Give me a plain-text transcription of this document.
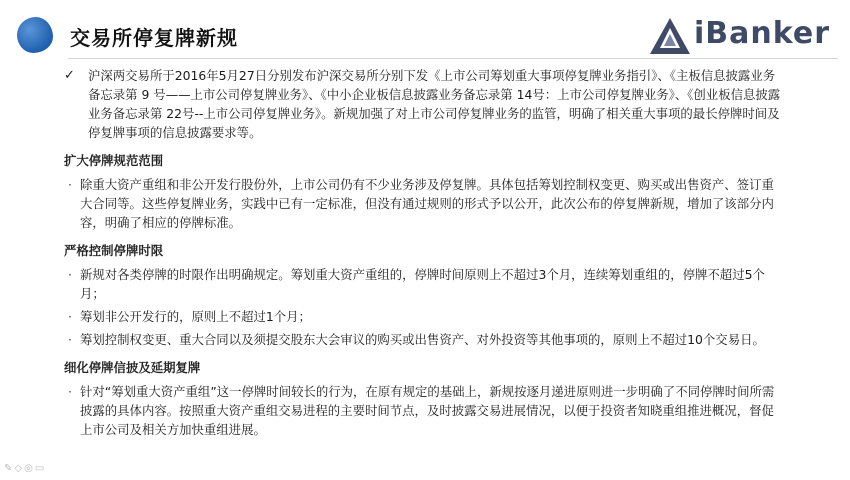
交易所停复牌新规	iBanker
✓ 沪深两交易所于2016年5月27日分别发布沪深交易所分别下发《上市公司筹划重大事项停复牌业务指引》、《主板信息披露业务备忘录第 9 号——上市公司停复牌业务》、《中小企业板信息披露业务备忘录第 14号：上市公司停复牌业务》、《创业板信息披露业务备忘录第 22号--上市公司停复牌业务》。新规加强了对上市公司停复牌业务的监管，明确了相关重大事项的最长停牌时间及停复牌事项的信息披露要求等。
扩大停牌规范范围
· 除重大资产重组和非公开发行股份外，上市公司仍有不少业务涉及停复牌。具体包括筹划控制权变更、购买或出售资产、签订重大合同等。这些停复牌业务，实践中已有一定标准，但没有通过规则的形式予以公开，此次公布的停复牌新规，增加了该部分内容，明确了相应的停牌标准。
严格控制停牌时限
· 新规对各类停牌的时限作出明确规定。筹划重大资产重组的，停牌时间原则上不超过3个月，连续筹划重组的，停牌不超过5个月；
· 筹划非公开发行的，原则上不超过1个月；
· 筹划控制权变更、重大合同以及须提交股东大会审议的购买或出售资产、对外投资等其他事项的，原则上不超过10个交易日。
细化停牌信披及延期复牌
· 针对“筹划重大资产重组”这一停牌时间较长的行为，在原有规定的基础上，新规按逐月递进原则进一步明确了不同停牌时间所需披露的具体内容。按照重大资产重组交易进程的主要时间节点，及时披露交易进展情况，以便于投资者知晓重组推进概况，督促上市公司及相关方加快重组进展。
✎◇◎▭
